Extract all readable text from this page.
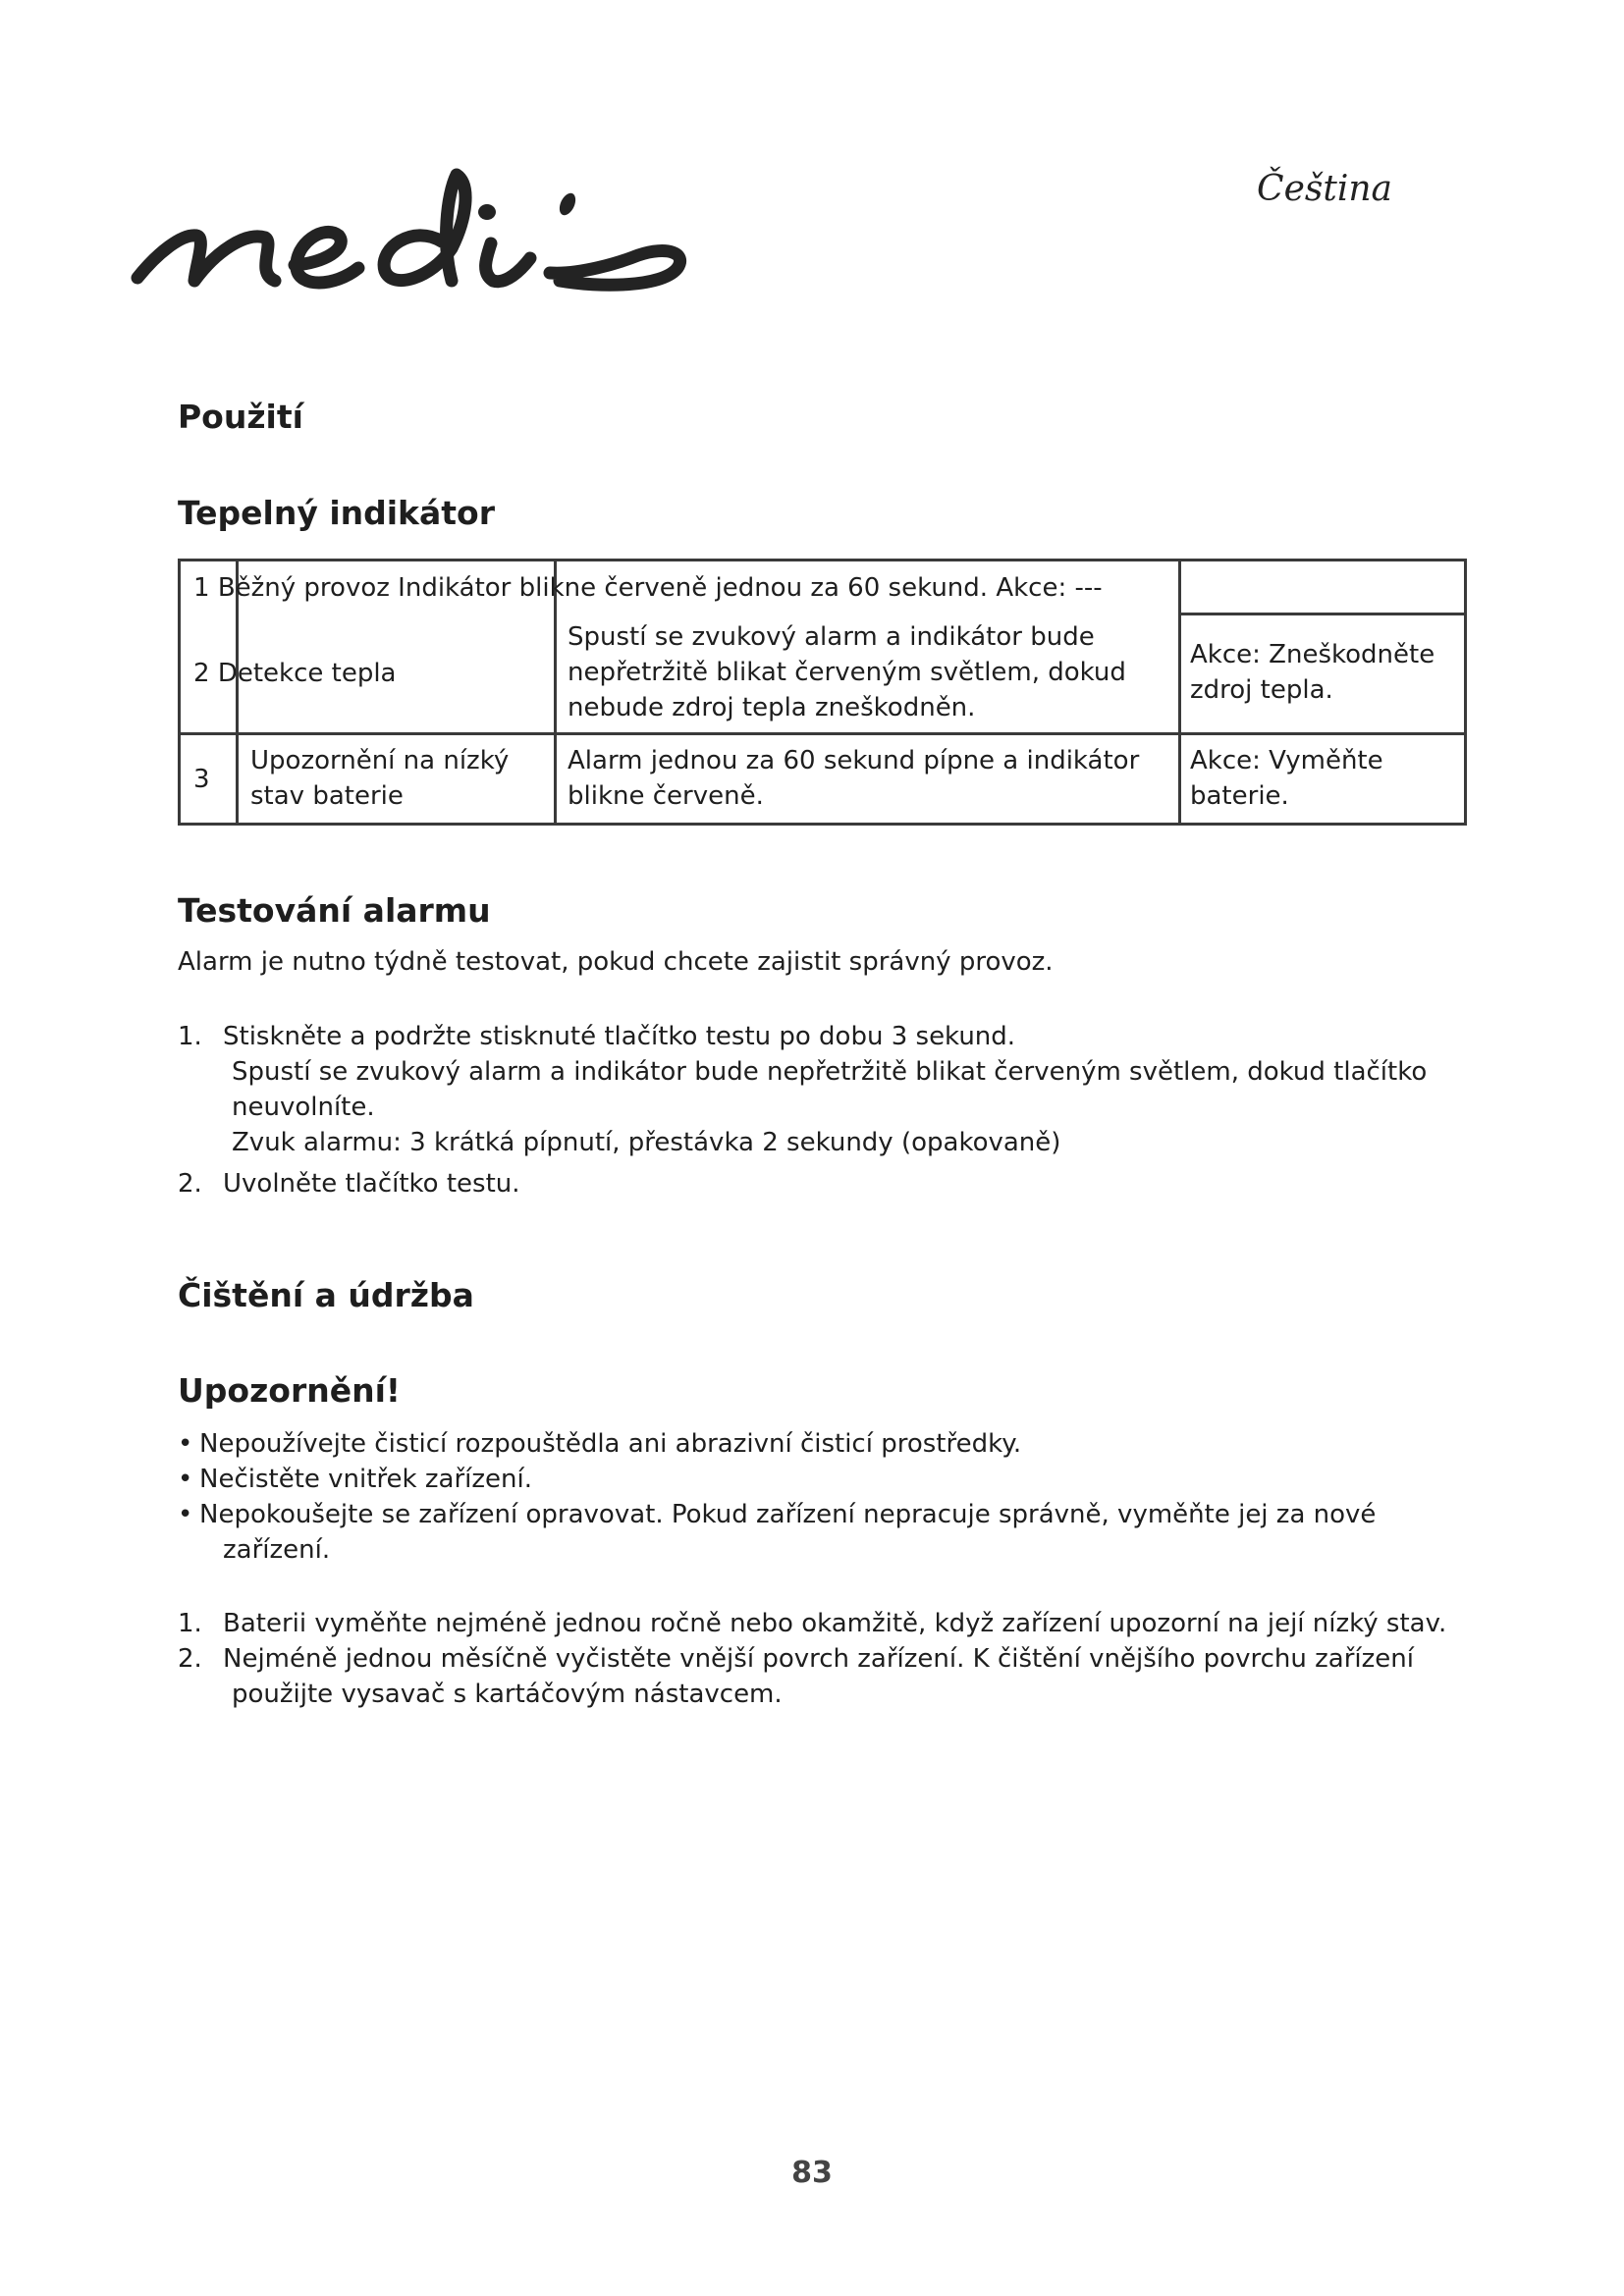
Čeština
Použití
Tepelný indikátor
1 Běžný provoz Indikátor blikne červeně jednou za 60 sekund. Akce: ---
2 Detekce tepla
Spustí se zvukový alarm a indikátor bude nepřetržitě blikat červeným světlem, dokud nebude zdroj tepla zneškodněn.
Akce: Zneškodněte zdroj tepla.
3
Upozornění na nízký stav baterie
Alarm jednou za 60 sekund pípne a indikátor blikne červeně.
Akce: Vyměňte baterie.
Testování alarmu

Alarm je nutno týdně testovat, pokud chcete zajistit správný provoz.

1. Stiskněte a podržte stisknuté tlačítko testu po dobu 3 sekund.
Spustí se zvukový alarm a indikátor bude nepřetržitě blikat červeným světlem, dokud tlačítko
neuvolníte.
Zvuk alarmu: 3 krátká pípnutí, přestávka 2 sekundy (opakovaně)
2. Uvolněte tlačítko testu.
Čištění a údržba
Upozornění!
• Nepoužívejte čisticí rozpouštědla ani abrazivní čisticí prostředky.
• Nečistěte vnitřek zařízení.
• Nepokoušejte se zařízení opravovat. Pokud zařízení nepracuje správně, vyměňte jej za nové
zařízení.
1. Baterii vyměňte nejméně jednou ročně nebo okamžitě, když zařízení upozorní na její nízký stav.
2. Nejméně jednou měsíčně vyčistěte vnější povrch zařízení. K čištění vnějšího povrchu zařízení
použijte vysavač s kartáčovým nástavcem.
83
